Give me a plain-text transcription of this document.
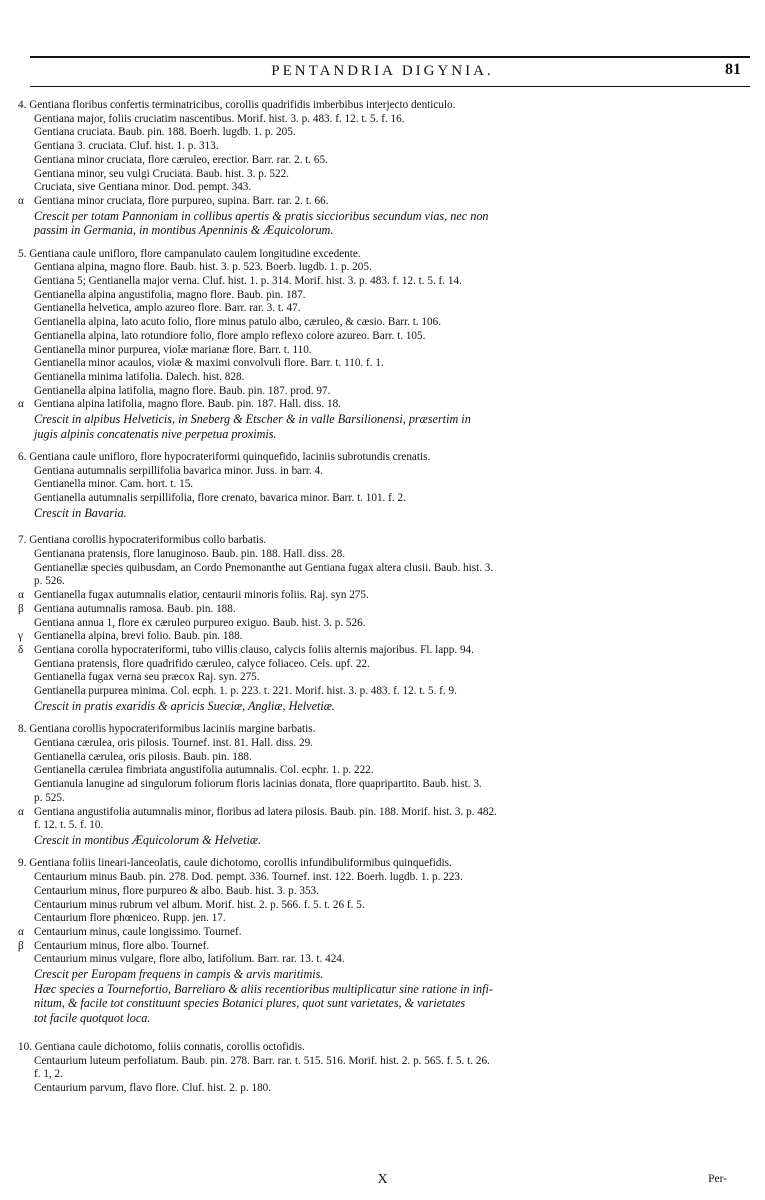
PENTANDRIA DIGYNIA.	81
4. Gentiana floribus confertis terminatricibus, corollis quadrifidis imberbibus interjecto denticulo.
Gentiana major, foliis cruciatim nascentibus. Morif. hist. 3. p. 483. f. 12. t. 5. f. 16.
Gentiana cruciata. Baub. pin. 188. Boerh. lugdb. 1. p. 205.
Gentiana 3. cruciata. Cluf. hist. 1. p. 313.
Gentiana minor cruciata, flore cæruleo, erectior. Barr. rar. 2. t. 65.
Gentiana minor, seu vulgi Cruciata. Baub. hist. 3. p. 522.
Cruciata, sive Gentiana minor. Dod. pempt. 343.
α Gentiana minor cruciata, flore purpureo, supina. Barr. rar. 2. t. 66.
Crescit per totam Pannoniam in collibus apertis & pratis siccioribus secundum vias, nec non
passim in Germania, in montibus Apenninis & Æquicolorum.
5. Gentiana caule unifloro, flore campanulato caulem longitudine excedente.
Gentiana alpina, magno flore. Baub. hist. 3. p. 523. Boerb. lugdb. 1. p. 205.
Gentiana 5; Gentianella major verna. Cluf. hist. 1. p. 314. Morif. hist. 3. p. 483. f. 12. t. 5. f. 14.
Gentianella alpina angustifolia, magno flore. Baub. pin. 187.
Gentianella helvetica, amplo azureo flore. Barr. rar. 3. t. 47.
Gentianella alpina, lato acuto folio, flore minus patulo albo, cæruleo, & cæsio. Barr. t. 106.
Gentianella alpina, lato rotundiore folio, flore amplo reflexo colore azureo. Barr. t. 105.
Gentianella minor purpurea, violæ marianæ flore. Barr. t. 110.
Gentianella minor acaulos, violæ & maximi convolvuli flore. Barr. t. 110. f. 1.
Gentianella minima latifolia. Dalech. hist. 828.
Gentianella alpina latifolia, magno flore. Baub. pin. 187. prod. 97.
α Gentiana alpina latifolia, magno flore. Baub. pin. 187. Hall. diss. 18.
Crescit in alpibus Helveticis, in Sneberg & Etscher & in valle Barsilionensi, præsertim in
jugis alpinis concatenatis nive perpetua proximis.
6. Gentiana caule unifloro, flore hypocrateriformi quinquefido, laciniis subrotundis crenatis.
Gentiana autumnalis serpillifolia bavarica minor. Juss. in barr. 4.
Gentianella minor. Cam. hort. t. 15.
Gentianella autumnalis serpillifolia, flore crenato, bavarica minor. Barr. t. 101. f. 2.
Crescit in Bavaria.
7. Gentiana corollis hypocrateriformibus collo barbatis.
Gentianana pratensis, flore lanuginoso. Baub. pin. 188. Hall. diss. 28.
Gentianellæ species quibusdam, an Cordo Pnemonanthe aut Gentiana fugax altera clusii. Baub. hist. 3.
p. 526.
α Gentianella fugax autumnalis elatior, centaurii minoris foliis. Raj. syn 275.
β Gentiana autumnalis ramosa. Baub. pin. 188.
Gentiana annua 1, flore ex cæruleo purpureo exiguo. Baub. hist. 3. p. 526.
γ Gentianella alpina, brevi folio. Baub. pin. 188.
δ Gentiana corolla hypocrateriformi, tubo villis clauso, calycis foliis alternis majoribus. Fl. lapp. 94.
Gentiana pratensis, flore quadrifido cæruleo, calyce foliaceo. Cels. upf. 22.
Gentianella fugax verna seu præcox Raj. syn. 275.
Gentianella purpurea minima. Col. ecph. 1. p. 223. t. 221. Morif. hist. 3. p. 483. f. 12. t. 5. f. 9.
Crescit in pratis exaridis & apricis Sueciæ, Angliæ, Helvetiæ.
8. Gentiana corollis hypocrateriformibus laciniis margine barbatis.
Gentiana cærulea, oris pilosis. Tournef. inst. 81. Hall. diss. 29.
Gentianella cærulea, oris pilosis. Baub. pin. 188.
Gentianella cærulea fimbriata angustifolia autumnalis. Col. ecphr. 1. p. 222.
Gentianula lanugine ad singulorum foliorum floris lacinias donata, flore quapripartito. Baub. hist. 3.
p. 525.
α Gentiana angustifolia autumnalis minor, floribus ad latera pilosis. Baub. pin. 188. Morif. hist. 3. p. 482.
f. 12. t. 5. f. 10.
Crescit in montibus Æquicolorum & Helvetiæ.
9. Gentiana foliis lineari-lanceolatis, caule dichotomo, corollis infundibuliformibus quinquefidis.
Centaurium minus Baub. pin. 278. Dod. pempt. 336. Tournef. inst. 122. Boerh. lugdb. 1. p. 223.
Centaurium minus, flore purpureo & albo. Baub. hist. 3. p. 353.
Centaurium minus rubrum vel album. Morif. hist. 2. p. 566. f. 5. t. 26 f. 5.
Centaurium flore phœniceo. Rupp. jen. 17.
α Centaurium minus, caule longissimo. Tournef.
β Centaurium minus, flore albo. Tournef.
Centaurium minus vulgare, flore albo, latifolium. Barr. rar. 13. t. 424.
Crescit per Europam frequens in campis & arvis maritimis.
Hæc species a Tournefortio, Barreliaro & aliis recentioribus multiplicatur sine ratione in infi-
nitum, & facile tot constituunt species Botanici plures, quot sunt varietates, & varietates
tot facile quotquot loca.
10. Gentiana caule dichotomo, foliis connatis, corollis octofidis.
Centaurium luteum perfoliatum. Baub. pin. 278. Barr. rar. t. 515. 516. Morif. hist. 2. p. 565. f. 5. t. 26.
f. 1, 2.
Centaurium parvum, flavo flore. Cluf. hist. 2. p. 180.
X	Per-
